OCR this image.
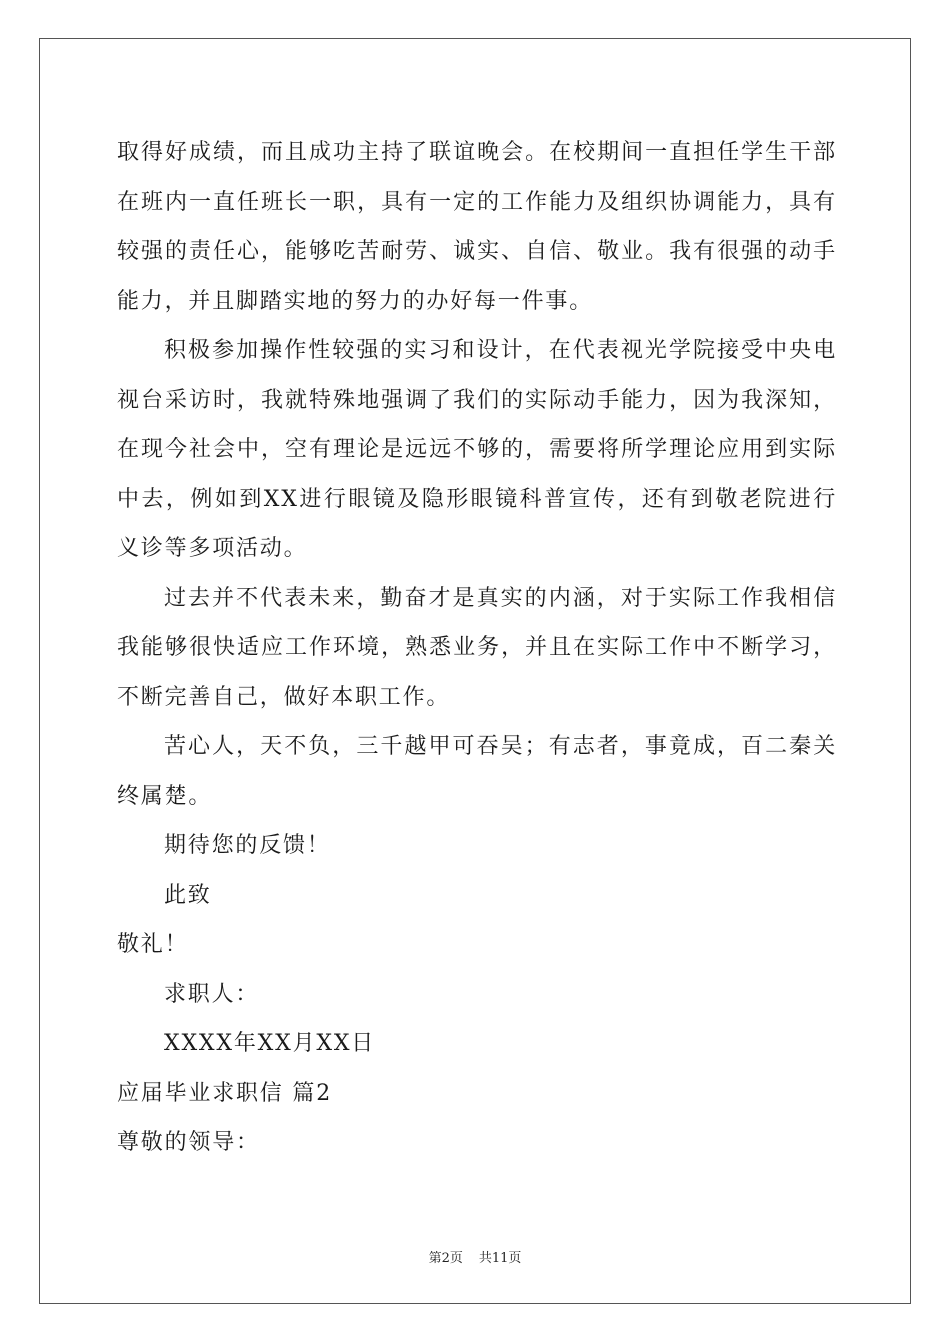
取得好成绩，而且成功主持了联谊晚会。在校期间一直担任学生干部在班内一直任班长一职，具有一定的工作能力及组织协调能力，具有较强的责任心，能够吃苦耐劳、诚实、自信、敬业。我有很强的动手能力，并且脚踏实地的努力的办好每一件事。

积极参加操作性较强的实习和设计，在代表视光学院接受中央电视台采访时，我就特殊地强调了我们的实际动手能力，因为我深知，在现今社会中，空有理论是远远不够的，需要将所学理论应用到实际中去，例如到XX进行眼镜及隐形眼镜科普宣传，还有到敬老院进行义诊等多项活动。

过去并不代表未来，勤奋才是真实的内涵，对于实际工作我相信我能够很快适应工作环境，熟悉业务，并且在实际工作中不断学习，不断完善自己，做好本职工作。

苦心人，天不负，三千越甲可吞吴；有志者，事竟成，百二秦关终属楚。

期待您的反馈！

此致

敬礼！

求职人：

XXXX年XX月XX日

应届毕业求职信 篇2

尊敬的领导：

第2页 共11页
